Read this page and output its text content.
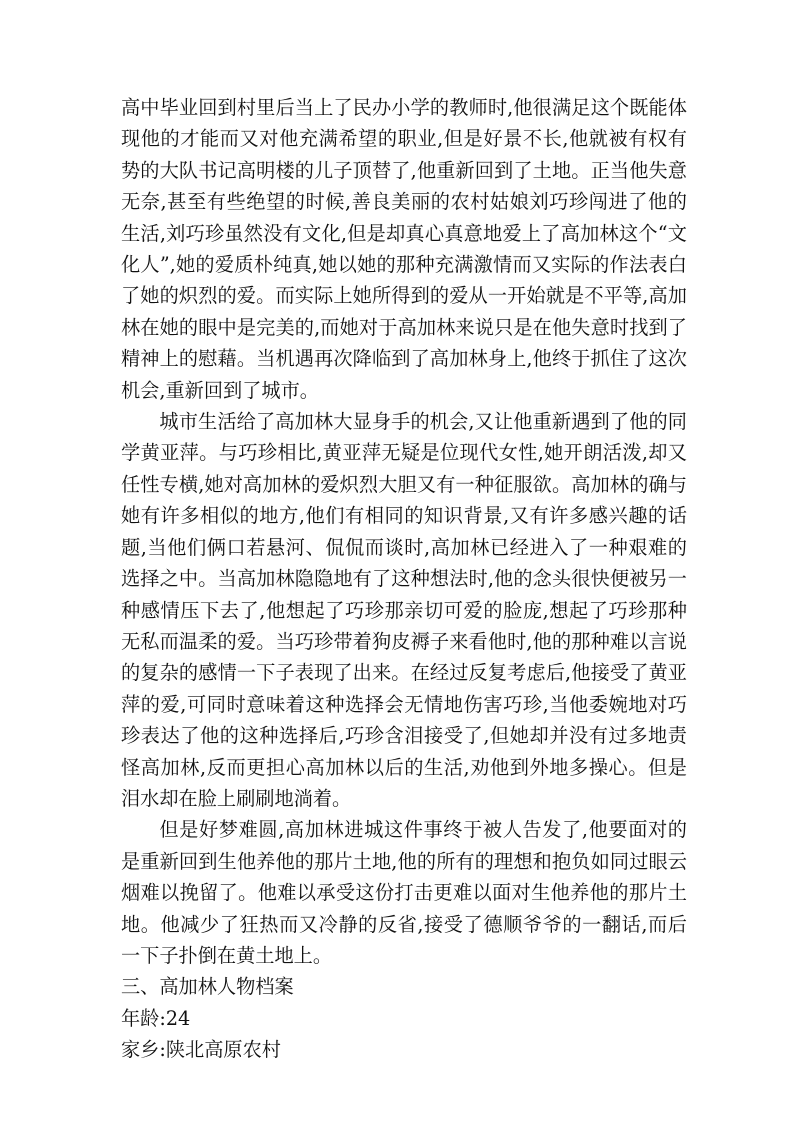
高中毕业回到村里后当上了民办小学的教师时,他很满足这个既能体现他的才能而又对他充满希望的职业,但是好景不长,他就被有权有势的大队书记高明楼的儿子顶替了,他重新回到了土地。正当他失意无奈,甚至有些绝望的时候,善良美丽的农村姑娘刘巧珍闯进了他的生活,刘巧珍虽然没有文化,但是却真心真意地爱上了高加林这个“文化人”,她的爱质朴纯真,她以她的那种充满激情而又实际的作法表白了她的炽烈的爱。而实际上她所得到的爱从一开始就是不平等,高加林在她的眼中是完美的,而她对于高加林来说只是在他失意时找到了精神上的慰藉。当机遇再次降临到了高加林身上,他终于抓住了这次机会,重新回到了城市。

城市生活给了高加林大显身手的机会,又让他重新遇到了他的同学黄亚萍。与巧珍相比,黄亚萍无疑是位现代女性,她开朗活泼,却又任性专横,她对高加林的爱炽烈大胆又有一种征服欲。高加林的确与她有许多相似的地方,他们有相同的知识背景,又有许多感兴趣的话题,当他们俩口若悬河、侃侃而谈时,高加林已经进入了一种艰难的选择之中。当高加林隐隐地有了这种想法时,他的念头很快便被另一种感情压下去了,他想起了巧珍那亲切可爱的脸庞,想起了巧珍那种无私而温柔的爱。当巧珍带着狗皮褥子来看他时,他的那种难以言说的复杂的感情一下子表现了出来。在经过反复考虑后,他接受了黄亚萍的爱,可同时意味着这种选择会无情地伤害巧珍,当他委婉地对巧珍表达了他的这种选择后,巧珍含泪接受了,但她却并没有过多地责怪高加林,反而更担心高加林以后的生活,劝他到外地多操心。但是泪水却在脸上刷刷地淌着。

但是好梦难圆,高加林进城这件事终于被人告发了,他要面对的是重新回到生他养他的那片土地,他的所有的理想和抱负如同过眼云烟难以挽留了。他难以承受这份打击更难以面对生他养他的那片土地。他减少了狂热而又冷静的反省,接受了德顺爷爷的一翻话,而后一下子扑倒在黄土地上。

三、高加林人物档案

年龄:24

家乡:陕北高原农村
